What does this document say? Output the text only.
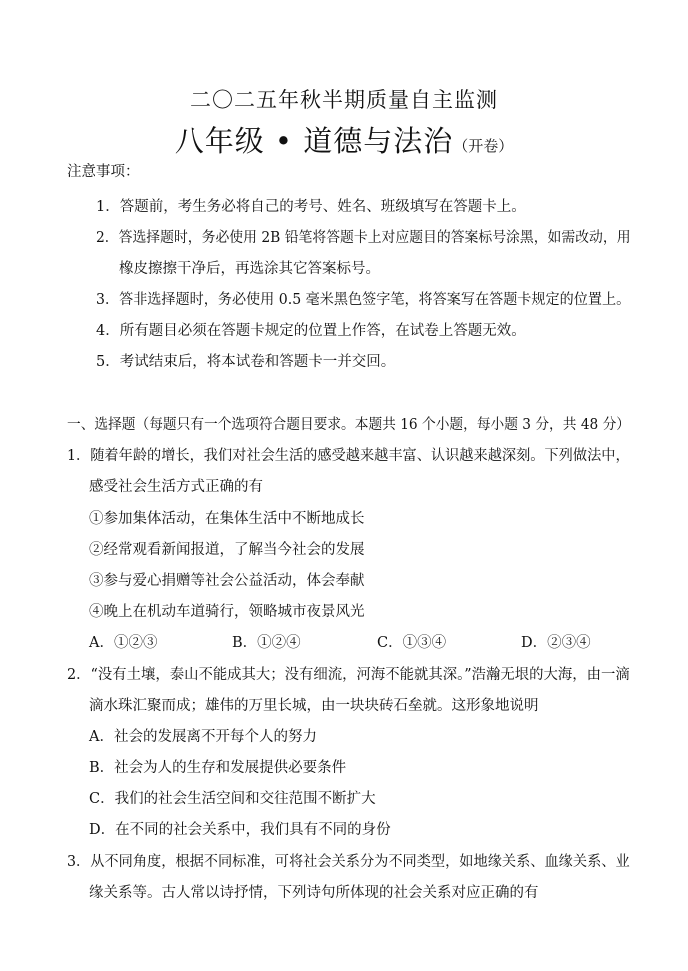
二〇二五年秋半期质量自主监测
八年级 • 道德与法治（开卷）
注意事项：
1．答题前，考生务必将自己的考号、姓名、班级填写在答题卡上。
2．答选择题时，务必使用 2B 铅笔将答题卡上对应题目的答案标号涂黑，如需改动，用
橡皮擦擦干净后，再选涂其它答案标号。
3．答非选择题时，务必使用 0.5 毫米黑色签字笔，将答案写在答题卡规定的位置上。
4．所有题目必须在答题卡规定的位置上作答，在试卷上答题无效。
5．考试结束后，将本试卷和答题卡一并交回。
一、选择题（每题只有一个选项符合题目要求。本题共 16 个小题，每小题 3 分，共 48 分）
1．随着年龄的增长，我们对社会生活的感受越来越丰富、认识越来越深刻。下列做法中，
感受社会生活方式正确的有
①参加集体活动，在集体生活中不断地成长
②经常观看新闻报道，了解当今社会的发展
③参与爱心捐赠等社会公益活动，体会奉献
④晚上在机动车道骑行，领略城市夜景风光
A．①②③	B．①②④	C．①③④	D．②③④
2．“没有土壤，泰山不能成其大；没有细流，河海不能就其深。”浩瀚无垠的大海，由一滴
滴水珠汇聚而成；雄伟的万里长城，由一块块砖石垒就。这形象地说明
A．社会的发展离不开每个人的努力
B．社会为人的生存和发展提供必要条件
C．我们的社会生活空间和交往范围不断扩大
D．在不同的社会关系中，我们具有不同的身份
3．从不同角度，根据不同标准，可将社会关系分为不同类型，如地缘关系、血缘关系、业
缘关系等。古人常以诗抒情，下列诗句所体现的社会关系对应正确的有
